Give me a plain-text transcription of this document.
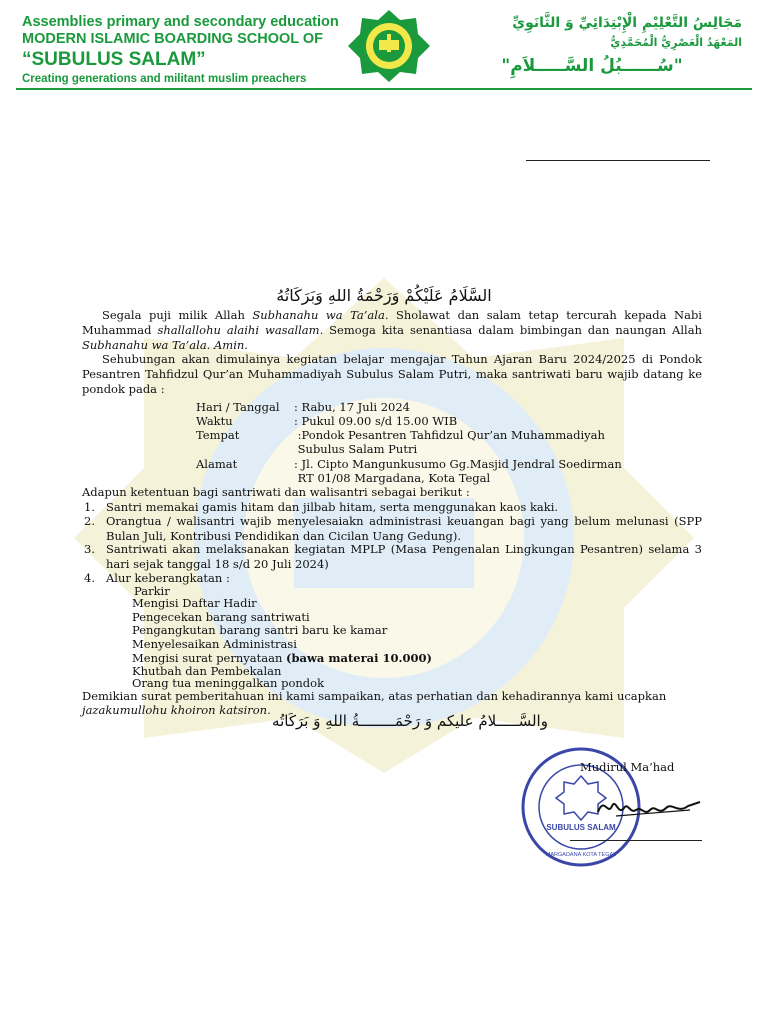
Assemblies primary and secondary education
MODERN ISLAMIC BOARDING SCHOOL OF
“SUBULUS SALAM”
Creating generations and militant muslim preachers
مَجَالِسُ التَّعْلِيْمِ الْإِبْتِدَائِيِّ وَ الثَّانَوِيِّ
المَعْهَدُ الْعَصْرِيُّ الْمُحَمَّدِيُّ
"سُــــــبُلُ السَّـــــلاَمِ"
السَّلَامُ عَلَيْكُمْ وَرَحْمَةُ اللهِ وَبَرَكَاتُهُ

Segala puji milik Allah Subhanahu wa Ta’ala. Sholawat dan salam tetap tercurah kepada Nabi Muhammad shallallohu alaihi wasallam. Semoga kita senantiasa dalam bimbingan dan naungan Allah Subhanahu wa Ta’ala. Amin.

Sehubungan akan dimulainya kegiatan belajar mengajar Tahun Ajaran Baru 2024/2025 di Pondok Pesantren Tahfidzul Qur’an Muhammadiyah Subulus Salam Putri, maka santriwati baru wajib datang ke pondok pada :

Hari / Tanggal : Rabu, 17 Juli 2024
Waktu	: Pukul 09.00 s/d 15.00 WIB
Tempat	:Pondok Pesantren Tahfidzul Qur’an Muhammadiyah
Subulus Salam Putri
Alamat	: Jl. Cipto Mangunkusumo Gg.Masjid Jendral Soedirman
RT 01/08 Margadana, Kota Tegal
Adapun ketentuan bagi santriwati dan walisantri sebagai berikut :
1. Santri memakai gamis hitam dan jilbab hitam, serta menggunakan kaos kaki.
2. Orangtua / walisantri wajib menyelesaiakn administrasi keuangan bagi yang belum melunasi (SPP Bulan Juli, Kontribusi Pendidikan dan Cicilan Uang Gedung).
3. Santriwati akan melaksanakan kegiatan MPLP (Masa Pengenalan Lingkungan Pesantren) selama 3 hari sejak tanggal 18 s/d 20 Juli 2024)
4. Alur keberangkatan :
Parkir
Mengisi Daftar Hadir
Pengecekan barang santriwati
Pengangkutan barang santri baru ke kamar
Menyelesaikan Administrasi
Mengisi surat pernyataan (bawa materai 10.000)
Khutbah dan Pembekalan
Orang tua meninggalkan pondok
Demikian surat pemberitahuan ini kami sampaikan, atas perhatian dan kehadirannya kami ucapkan jazakumullohu khoiron katsiron.
والسَّـــــلامُ عليكم وَ رَحْمَــــــــةُ اللهِ وَ بَرَكَاتُه
SUBULUS SALAM
MARGADANA KOTA TEGAL
Mudirul Ma’had
